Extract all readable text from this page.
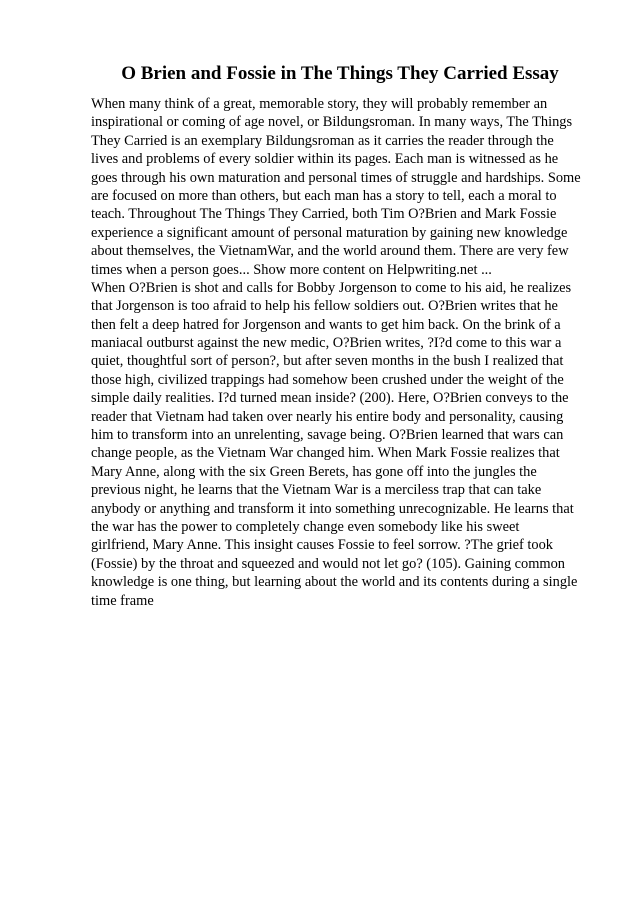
O Brien and Fossie in The Things They Carried Essay
When many think of a great, memorable story, they will probably remember an
inspirational or coming of age novel, or Bildungsroman. In many ways, The Things
They Carried is an exemplary Bildungsroman as it carries the reader through the
lives and problems of every soldier within its pages. Each man is witnessed as he
goes through his own maturation and personal times of struggle and hardships. Some
are focused on more than others, but each man has a story to tell, each a moral to
teach. Throughout The Things They Carried, both Tim O?Brien and Mark Fossie
experience a significant amount of personal maturation by gaining new knowledge
about themselves, the VietnamWar, and the world around them. There are very few
times when a person goes... Show more content on Helpwriting.net ...
When O?Brien is shot and calls for Bobby Jorgenson to come to his aid, he realizes
that Jorgenson is too afraid to help his fellow soldiers out. O?Brien writes that he
then felt a deep hatred for Jorgenson and wants to get him back. On the brink of a
maniacal outburst against the new medic, O?Brien writes, ?I?d come to this war a
quiet, thoughtful sort of person?, but after seven months in the bush I realized that
those high, civilized trappings had somehow been crushed under the weight of the
simple daily realities. I?d turned mean inside? (200). Here, O?Brien conveys to the
reader that Vietnam had taken over nearly his entire body and personality, causing
him to transform into an unrelenting, savage being. O?Brien learned that wars can
change people, as the Vietnam War changed him. When Mark Fossie realizes that
Mary Anne, along with the six Green Berets, has gone off into the jungles the
previous night, he learns that the Vietnam War is a merciless trap that can take
anybody or anything and transform it into something unrecognizable. He learns that
the war has the power to completely change even somebody like his sweet
girlfriend, Mary Anne. This insight causes Fossie to feel sorrow. ?The grief took
(Fossie) by the throat and squeezed and would not let go? (105). Gaining common
knowledge is one thing, but learning about the world and its contents during a single
time frame
